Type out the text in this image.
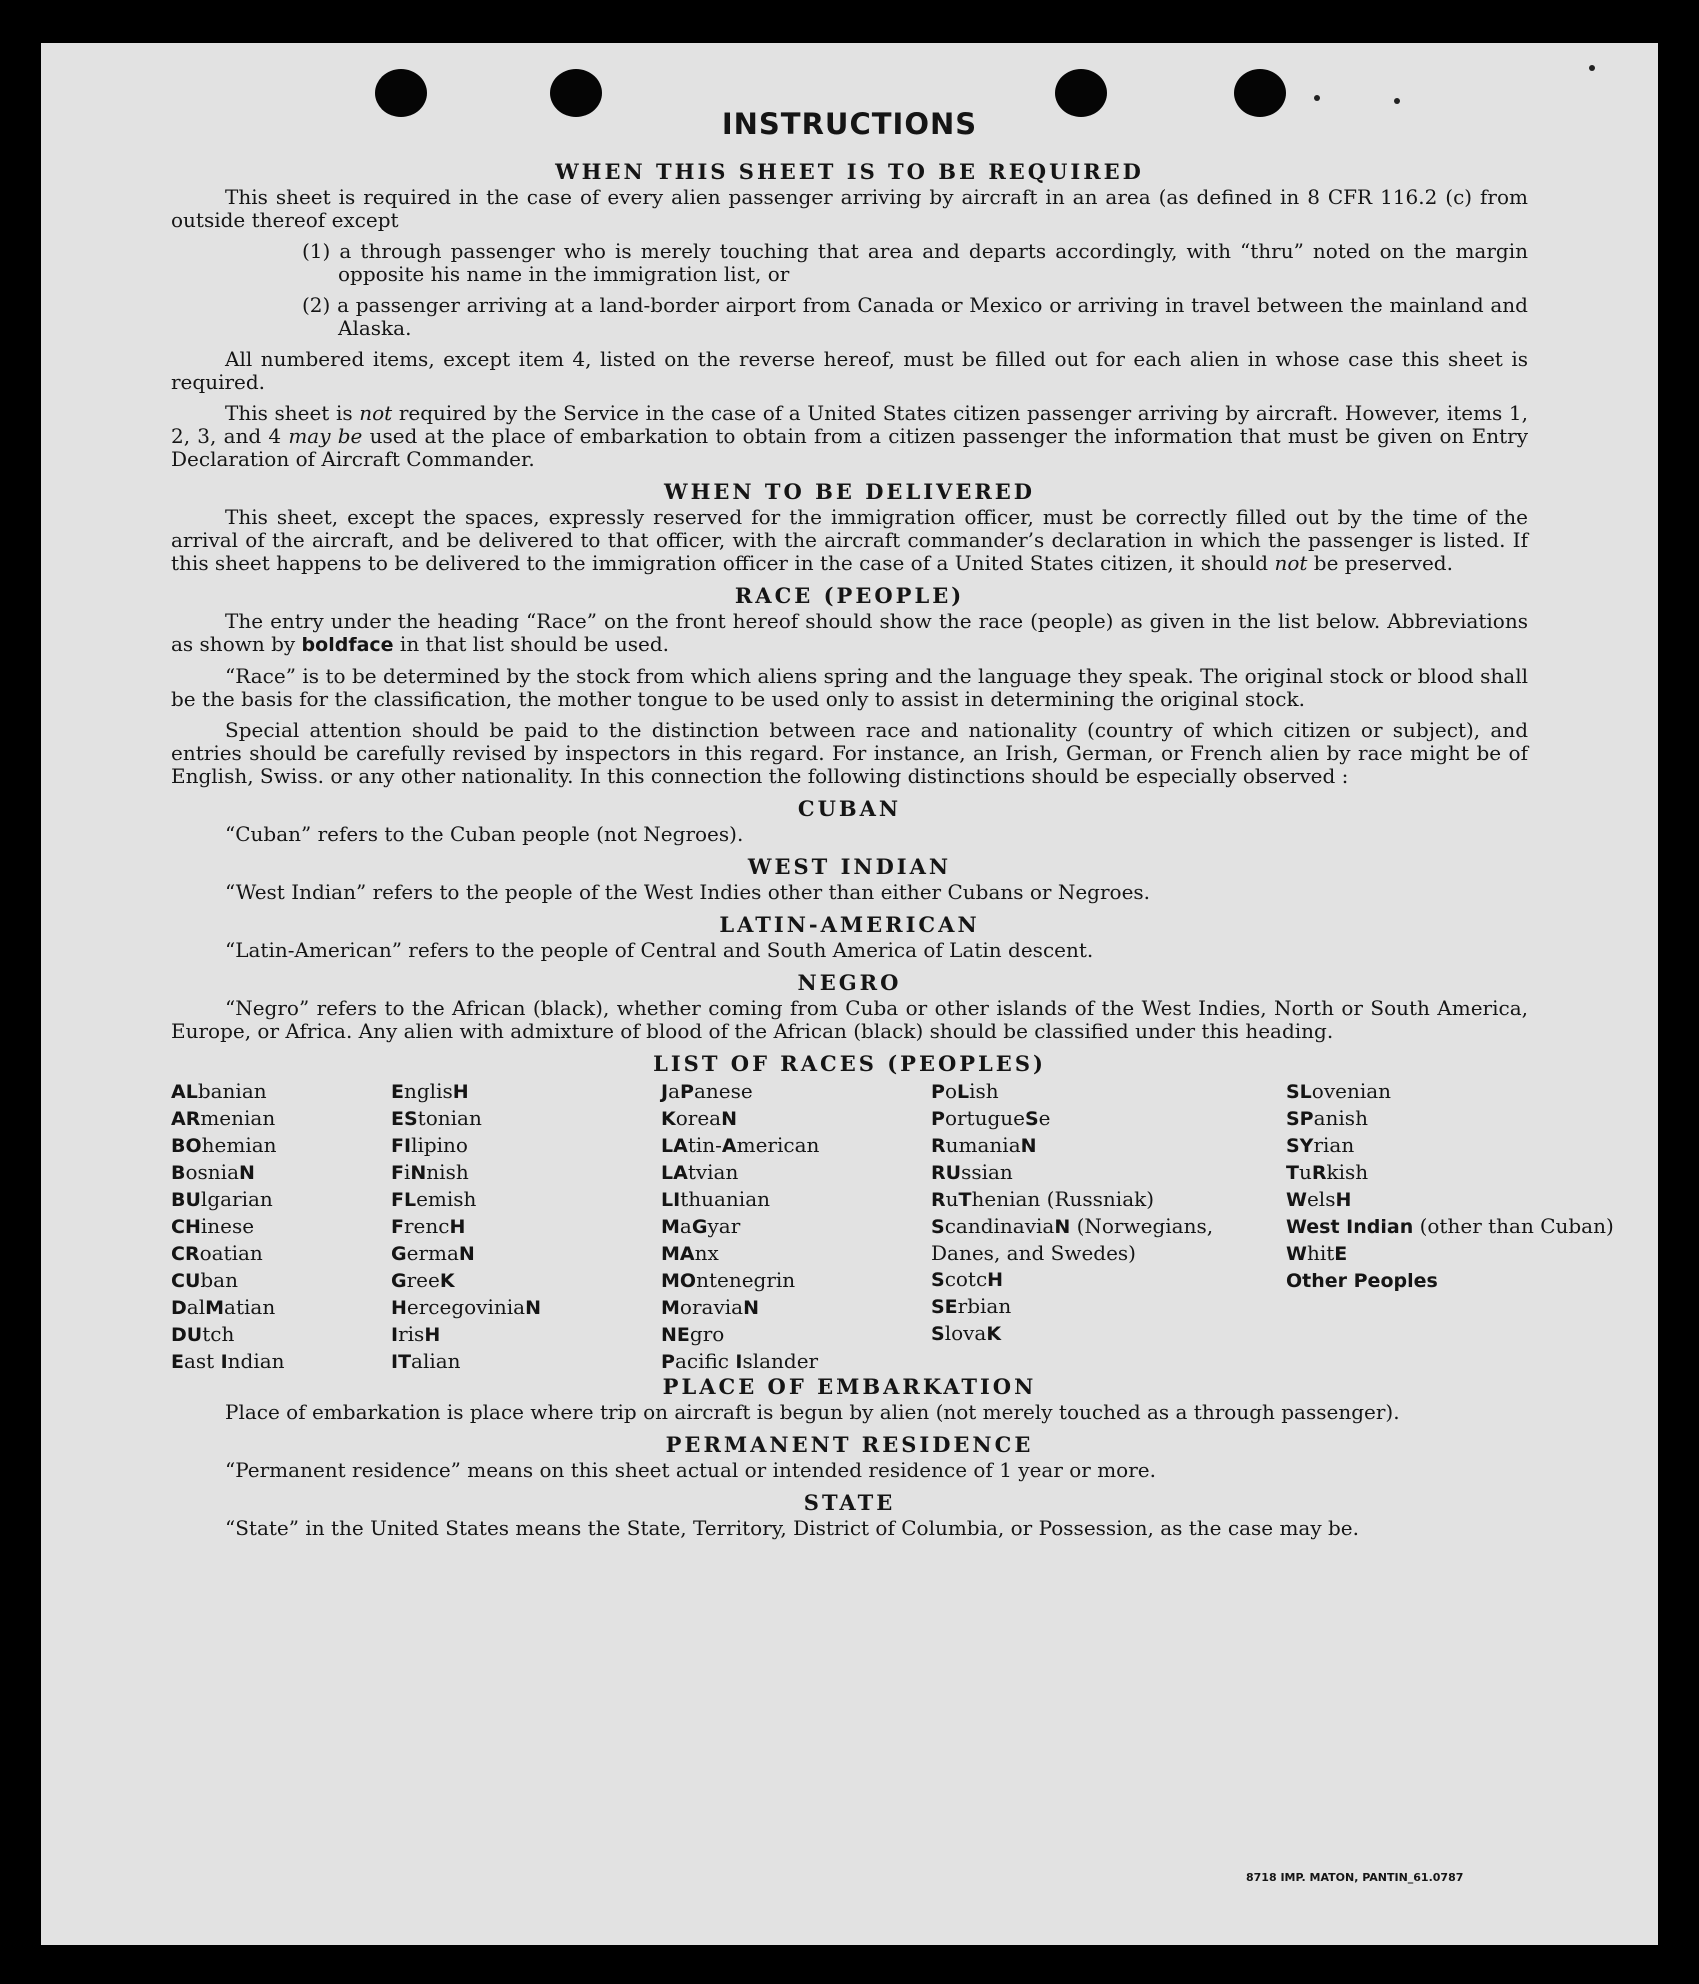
INSTRUCTIONS
WHEN THIS SHEET IS TO BE REQUIRED

This sheet is required in the case of every alien passenger arriving by aircraft in an area (as defined in 8 CFR 116.2 (c) from outside thereof except

(1) a through passenger who is merely touching that area and departs accordingly, with “thru” noted on the margin opposite his name in the immigration list, or

(2) a passenger arriving at a land-border airport from Canada or Mexico or arriving in travel between the mainland and Alaska.

All numbered items, except item 4, listed on the reverse hereof, must be filled out for each alien in whose case this sheet is required.

This sheet is not required by the Service in the case of a United States citizen passenger arriving by aircraft. However, items 1, 2, 3, and 4 may be used at the place of embarkation to obtain from a citizen passenger the information that must be given on Entry Declaration of Aircraft Commander.

WHEN TO BE DELIVERED

This sheet, except the spaces, expressly reserved for the immigration officer, must be correctly filled out by the time of the arrival of the aircraft, and be delivered to that officer, with the aircraft commander’s declaration in which the passenger is listed. If this sheet happens to be delivered to the immigration officer in the case of a United States citizen, it should not be preserved.

RACE (PEOPLE)

The entry under the heading “Race” on the front hereof should show the race (people) as given in the list below. Abbreviations as shown by boldface in that list should be used.

“Race” is to be determined by the stock from which aliens spring and the language they speak. The original stock or blood shall be the basis for the classification, the mother tongue to be used only to assist in determining the original stock.

Special attention should be paid to the distinction between race and nationality (country of which citizen or subject), and entries should be carefully revised by inspectors in this regard. For instance, an Irish, German, or French alien by race might be of English, Swiss. or any other nationality. In this connection the following distinctions should be especially observed :

CUBAN

“Cuban” refers to the Cuban people (not Negroes).

WEST INDIAN

“West Indian” refers to the people of the West Indies other than either Cubans or Negroes.

LATIN-AMERICAN

“Latin-American” refers to the people of Central and South America of Latin descent.

NEGRO

“Negro” refers to the African (black), whether coming from Cuba or other islands of the West Indies, North or South America, Europe, or Africa. Any alien with admixture of blood of the African (black) should be classified under this heading.

LIST OF RACES (PEOPLES)
ALbanian
ARmenian
BOhemian
BosniaN
BUlgarian
CHinese
CRoatian
CUban
DalMatian
DUtch
East Indian
EnglisH
EStonian
FIlipino
FiNnish
FLemish
FrencH
GermaN
GreeK
HercegoviniaN
IrisH
ITalian
JaPanese
KoreaN
LAtin-American
LAtvian
LIthuanian
MaGyar
MAnx
MOntenegrin
MoraviaN
NEgro
Pacific Islander
PoLish
PortugueSe
RumaniaN
RUssian
RuThenian (Russniak)
ScandinaviaN (Norwegians, Danes, and Swedes)
ScotcH
SErbian
SlovaK
SLovenian
SPanish
SYrian
TuRkish
WelsH
West Indian (other than Cuban)
WhitE
Other Peoples
PLACE OF EMBARKATION

Place of embarkation is place where trip on aircraft is begun by alien (not merely touched as a through passenger).

PERMANENT RESIDENCE

“Permanent residence” means on this sheet actual or intended residence of 1 year or more.

STATE

“State” in the United States means the State, Territory, District of Columbia, or Possession, as the case may be.

8718 IMP. MATON, PANTIN_61.0787
